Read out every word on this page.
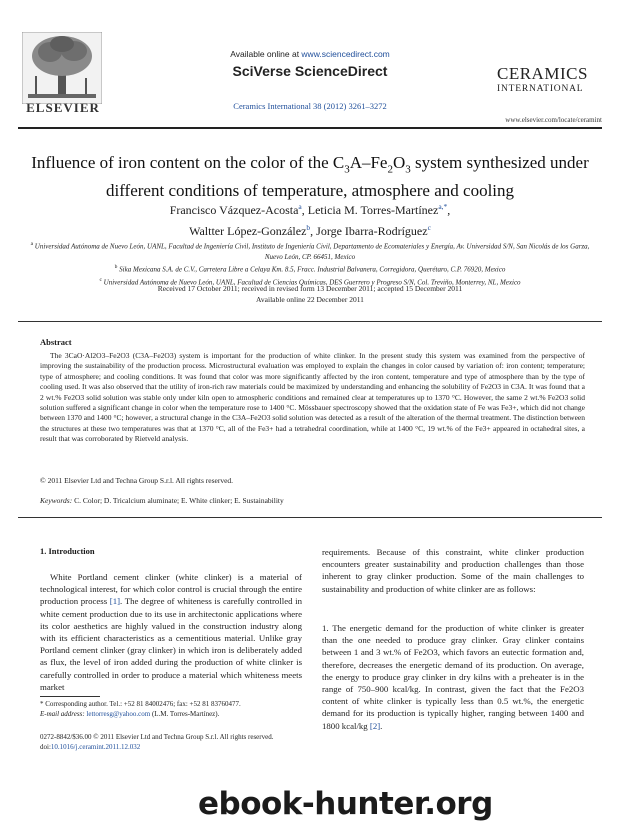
ELSEVIER
Available online at www.sciencedirect.com
SciVerse ScienceDirect
Ceramics International 38 (2012) 3261–3272
CERAMICS
INTERNATIONAL
www.elsevier.com/locate/ceramint
Influence of iron content on the color of the $C_3A-Fe_2O_3$ system synthesized under different conditions of temperature, atmosphere and cooling
Francisco Vázquez-Acosta$^a$, Leticia M. Torres-Martínez$^{a,*}$,
Waltter López-González$^b$, Jorge Ibarra-Rodríguez$^c$
$^a$ Universidad Autónoma de Nuevo León, UANL, Facultad de Ingeniería Civil, Instituto de Ingeniería Civil, Departamento de Ecomateriales y Energía, Av. Universidad S/N, San Nicolás de los Garza, Nuevo León, CP. 66451, Mexico
$^b$ Sika Mexicana S.A. de C.V., Carretera Libre a Celaya Km. 8.5, Fracc. Industrial Balvanera, Corregidora, Querétaro, C.P. 76920, Mexico
$^c$ Universidad Autónoma de Nuevo León, UANL, Facultad de Ciencias Químicas, DES Guerrero y Progreso S/N, Col. Treviño, Monterrey, NL, Mexico
Received 17 October 2011; received in revised form 13 December 2011; accepted 15 December 2011
Available online 22 December 2011
Abstract
The 3CaO·Al2O3–Fe2O3 (C3A–Fe2O3) system is important for the production of white clinker. In the present study this system was examined from the perspective of improving the sustainability of the production process. Microstructural evaluation was employed to explain the changes in color caused by variation of: iron content; temperature; type of atmosphere; and cooling conditions. It was found that color was more significantly affected by the iron content, temperature and type of atmosphere than by the type of cooling used. It was also observed that the utility of iron-rich raw materials could be maximized by understanding and enhancing the solubility of Fe2O3 in C3A. It was found that a 2 wt.% Fe2O3 solid solution was stable only under kiln open to atmospheric conditions and remained clear at temperatures up to 1370 °C. However, the same 2 wt.% Fe2O3 solid solution suffered a significant change in color when the temperature rose to 1400 °C. Mössbauer spectroscopy showed that the oxidation state of Fe was Fe3+, which did not change between 1370 and 1400 °C; however, a structural change in the C3A–Fe2O3 solid solution was detected as a result of the alteration of the thermal treatment. The distinction between the structures at these two temperatures was that at 1370 °C, all of the Fe3+ had a tetrahedral coordination, while at 1400 °C, 19 wt.% of the Fe3+ appeared in octahedral sites, a result that was corroborated by Rietveld analysis.
© 2011 Elsevier Ltd and Techna Group S.r.l. All rights reserved.
Keywords: C. Color; D. Tricalcium aluminate; E. White clinker; E. Sustainability
1. Introduction
White Portland cement clinker (white clinker) is a material of technological interest, for which color control is crucial through the entire production process [1]. The degree of whiteness is carefully controlled in white cement production due to its use in architectonic applications where its color aesthetics are highly valued in the construction industry along with its efficient characteristics as a cementitious material. Unlike gray Portland cement clinker (gray clinker) in which iron is deliberately added as flux, the level of iron added during the production of white clinker is carefully controlled in order to produce a material which whiteness meets market
requirements. Because of this constraint, white clinker production encounters greater sustainability and production challenges than those inherent to gray clinker production. Some of the main challenges to sustainability and production of white clinker are as follows:
1. The energetic demand for the production of white clinker is greater than the one needed to produce gray clinker. Gray clinker contains between 1 and 3 wt.% of Fe2O3, which favors an eutectic formation and, therefore, decreases the energetic demand of its production. On average, the energy to produce gray clinker in dry kilns with a preheater is in the range of 750–900 kcal/kg. In contrast, given the fact that the Fe2O3 content of white clinker is typically less than 0.5 wt.%, the energetic demand for its production is typically higher, ranging between 1400 and 1800 kcal/kg [2].
* Corresponding author. Tel.: +52 81 84002476; fax: +52 81 83760477.
E-mail address: lettorresg@yahoo.com (L.M. Torres-Martínez).
0272-8842/$36.00 © 2011 Elsevier Ltd and Techna Group S.r.l. All rights reserved.
doi:10.1016/j.ceramint.2011.12.032
ebook-hunter.org
